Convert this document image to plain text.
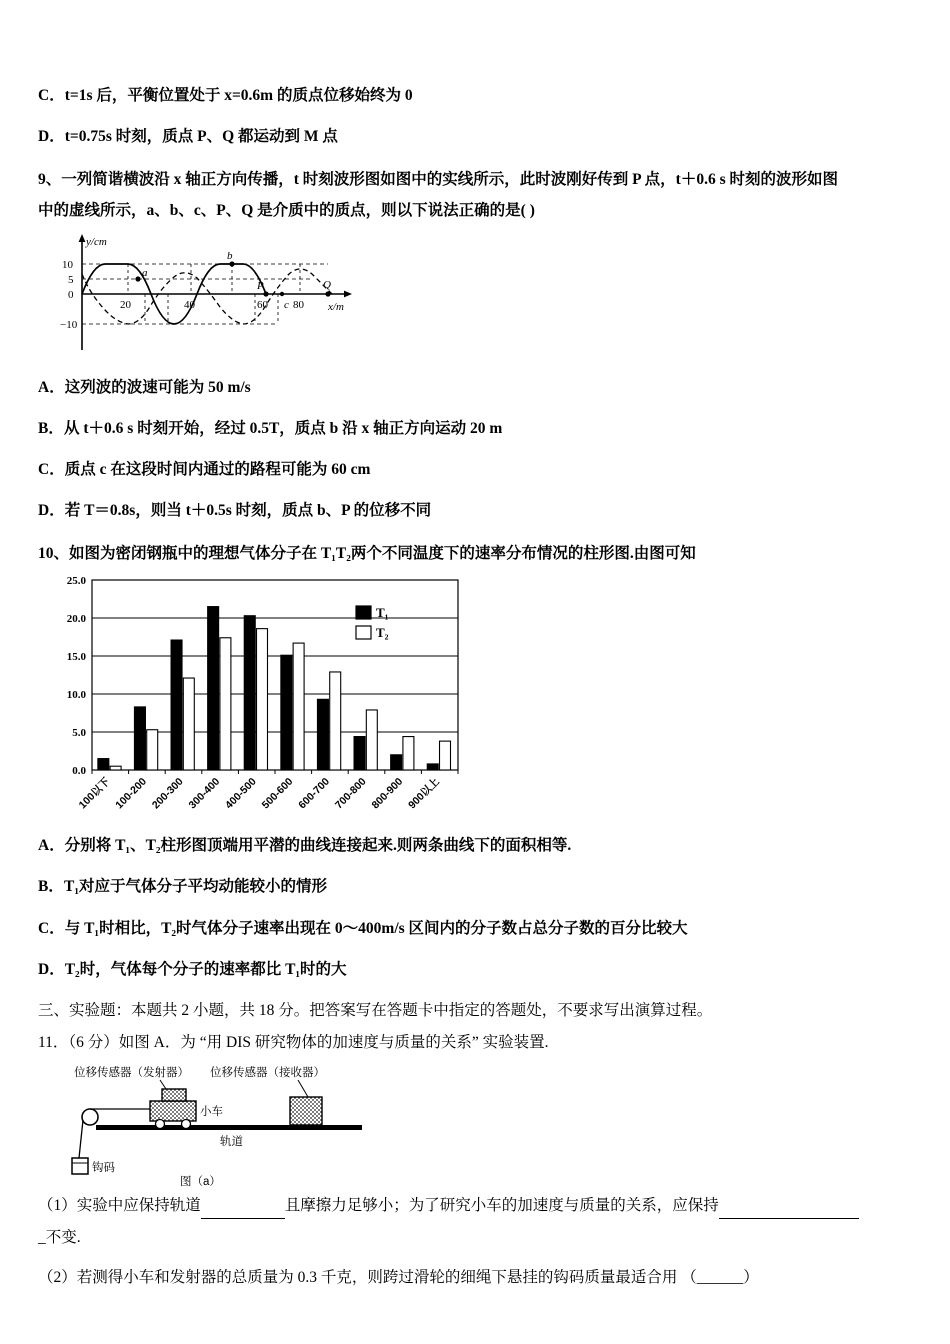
C．t=1s 后，平衡位置处于 x=0.6m 的质点位移始终为 0
D．t=0.75s 时刻，质点 P、Q 都运动到 M 点
9、一列简谐横波沿 x 轴正方向传播，t 时刻波形图如图中的实线所示，此时波刚好传到 P 点，t＋0.6 s 时刻的波形如图
中的虚线所示，a、b、c、P、Q 是介质中的质点，则以下说法正确的是( )
a
b
P
c
Q
y/cm
x/m
10
5
0
−10
20	40	60 80
A．这列波的波速可能为 50 m/s
B．从 t＋0.6 s 时刻开始，经过 0.5T，质点 b 沿 x 轴正方向运动 20 m
C．质点 c 在这段时间内通过的路程可能为 60 cm
D．若 T＝0.8s，则当 t＋0.5s 时刻，质点 b、P 的位移不同
10、如图为密闭钢瓶中的理想气体分子在 T₁T₂两个不同温度下的速率分布情况的柱形图.由图可知
0.0
5.0
10.0
15.0
20.0
25.0
100以下 100-200 200-300 300-400 400-500 500-600 600-700 700-800 800-900 900以上
T₁
T₂
A．分别将 T₁、T₂柱形图顶端用平潜的曲线连接起来.则两条曲线下的面积相等.
B．T₁对应于气体分子平均动能较小的情形
C．与 T₁时相比，T₂时气体分子速率出现在 0～400m/s 区间内的分子数占总分子数的百分比较大
D．T₂时，气体每个分子的速率都比 T₁时的大
三、实验题：本题共 2 小题，共 18 分。把答案写在答题卡中指定的答题处，不要求写出演算过程。
11．（6 分）如图 A．为 “用 DIS 研究物体的加速度与质量的关系” 实验装置.
位移传感器（发射器） 位移传感器（接收器）
钩码
小车
轨道
图（a）
（1）实验中应保持轨道	且摩擦力足够小；为了研究小车的加速度与质量的关系，应保持
_不变.
（2）若测得小车和发射器的总质量为 0.3 千克，则跨过滑轮的细绳下悬挂的钩码质量最适合用 （______）
